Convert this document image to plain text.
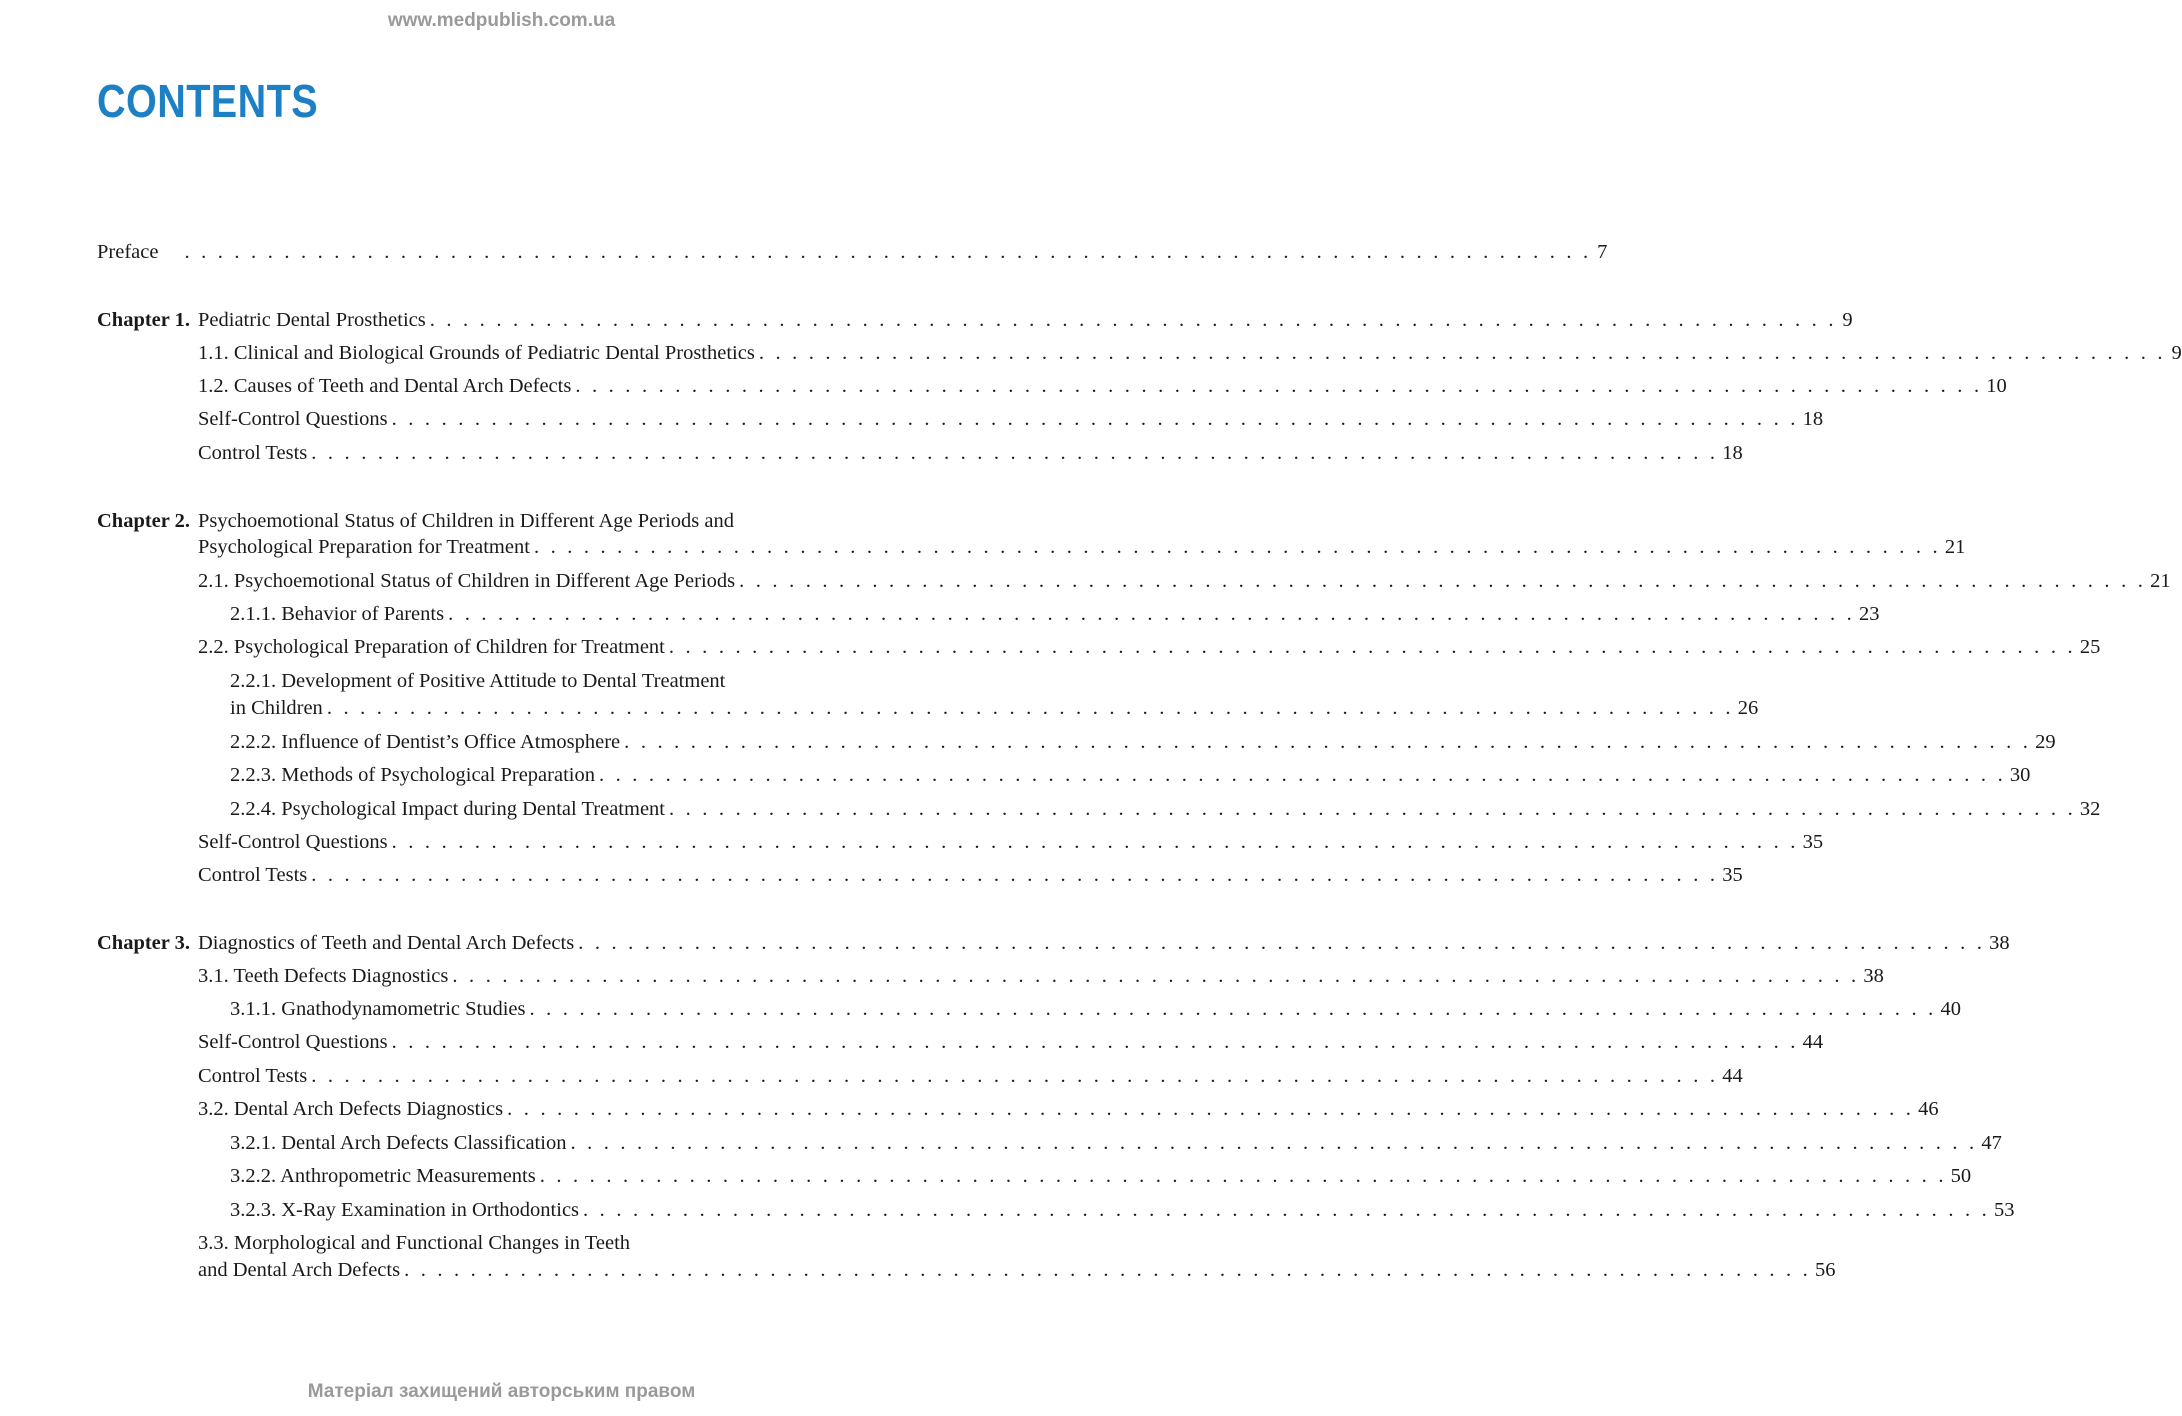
www.medpublish.com.ua
CONTENTS
Preface . . . . . . . . . . . . . . . . . . . . . . . . . . . . . . . . . . . . . . . . . . . . . . . . . . . . . . . . . . . . . . . . . . . . . . . . . . . . . . . . . . . . . 7
Chapter 1. Pediatric Dental Prosthetics . . . . . . . . . . . . . . . . . . . . . . . . . . . . . . . . . . . . . . . . . . . . . . . . . . . . . . . . . . . . . . . . . . . . . . . . . . . . . . . . . . . . . 9
1.1. Clinical and Biological Grounds of Pediatric Dental Prosthetics . . . . . . . . . . . . . . . . . . . . . . . . . . . . . . . . . . . . . . . . . . . . . . . . . . . . . . . . . . . . . . . . . . . . . . . . . . . . . . . . . . . . . 9
1.2. Causes of Teeth and Dental Arch Defects . . . . . . . . . . . . . . . . . . . . . . . . . . . . . . . . . . . . . . . . . . . . . . . . . . . . . . . . . . . . . . . . . . . . . . . . . . . . . . . . . . . . . 10
Self-Control Questions . . . . . . . . . . . . . . . . . . . . . . . . . . . . . . . . . . . . . . . . . . . . . . . . . . . . . . . . . . . . . . . . . . . . . . . . . . . . . . . . . . . . . 18
Control Tests . . . . . . . . . . . . . . . . . . . . . . . . . . . . . . . . . . . . . . . . . . . . . . . . . . . . . . . . . . . . . . . . . . . . . . . . . . . . . . . . . . . . . 18
Chapter 2. Psychoemotional Status of Children in Different Age Periods and
Psychological Preparation for Treatment . . . . . . . . . . . . . . . . . . . . . . . . . . . . . . . . . . . . . . . . . . . . . . . . . . . . . . . . . . . . . . . . . . . . . . . . . . . . . . . . . . . . . 21
2.1. Psychoemotional Status of Children in Different Age Periods . . . . . . . . . . . . . . . . . . . . . . . . . . . . . . . . . . . . . . . . . . . . . . . . . . . . . . . . . . . . . . . . . . . . . . . . . . . . . . . . . . . . . 21
2.1.1. Behavior of Parents . . . . . . . . . . . . . . . . . . . . . . . . . . . . . . . . . . . . . . . . . . . . . . . . . . . . . . . . . . . . . . . . . . . . . . . . . . . . . . . . . . . . . 23
2.2. Psychological Preparation of Children for Treatment . . . . . . . . . . . . . . . . . . . . . . . . . . . . . . . . . . . . . . . . . . . . . . . . . . . . . . . . . . . . . . . . . . . . . . . . . . . . . . . . . . . . . 25
2.2.1. Development of Positive Attitude to Dental Treatment
in Children . . . . . . . . . . . . . . . . . . . . . . . . . . . . . . . . . . . . . . . . . . . . . . . . . . . . . . . . . . . . . . . . . . . . . . . . . . . . . . . . . . . . . 26
2.2.2. Influence of Dentist’s Office Atmosphere . . . . . . . . . . . . . . . . . . . . . . . . . . . . . . . . . . . . . . . . . . . . . . . . . . . . . . . . . . . . . . . . . . . . . . . . . . . . . . . . . . . . . 29
2.2.3. Methods of Psychological Preparation . . . . . . . . . . . . . . . . . . . . . . . . . . . . . . . . . . . . . . . . . . . . . . . . . . . . . . . . . . . . . . . . . . . . . . . . . . . . . . . . . . . . . 30
2.2.4. Psychological Impact during Dental Treatment . . . . . . . . . . . . . . . . . . . . . . . . . . . . . . . . . . . . . . . . . . . . . . . . . . . . . . . . . . . . . . . . . . . . . . . . . . . . . . . . . . . . . 32
Self-Control Questions . . . . . . . . . . . . . . . . . . . . . . . . . . . . . . . . . . . . . . . . . . . . . . . . . . . . . . . . . . . . . . . . . . . . . . . . . . . . . . . . . . . . . 35
Control Tests . . . . . . . . . . . . . . . . . . . . . . . . . . . . . . . . . . . . . . . . . . . . . . . . . . . . . . . . . . . . . . . . . . . . . . . . . . . . . . . . . . . . . 35
Chapter 3. Diagnostics of Teeth and Dental Arch Defects . . . . . . . . . . . . . . . . . . . . . . . . . . . . . . . . . . . . . . . . . . . . . . . . . . . . . . . . . . . . . . . . . . . . . . . . . . . . . . . . . . . . . 38
3.1. Teeth Defects Diagnostics . . . . . . . . . . . . . . . . . . . . . . . . . . . . . . . . . . . . . . . . . . . . . . . . . . . . . . . . . . . . . . . . . . . . . . . . . . . . . . . . . . . . . 38
3.1.1. Gnathodynamometric Studies . . . . . . . . . . . . . . . . . . . . . . . . . . . . . . . . . . . . . . . . . . . . . . . . . . . . . . . . . . . . . . . . . . . . . . . . . . . . . . . . . . . . . 40
Self-Control Questions . . . . . . . . . . . . . . . . . . . . . . . . . . . . . . . . . . . . . . . . . . . . . . . . . . . . . . . . . . . . . . . . . . . . . . . . . . . . . . . . . . . . . 44
Control Tests . . . . . . . . . . . . . . . . . . . . . . . . . . . . . . . . . . . . . . . . . . . . . . . . . . . . . . . . . . . . . . . . . . . . . . . . . . . . . . . . . . . . . 44
3.2. Dental Arch Defects Diagnostics . . . . . . . . . . . . . . . . . . . . . . . . . . . . . . . . . . . . . . . . . . . . . . . . . . . . . . . . . . . . . . . . . . . . . . . . . . . . . . . . . . . . . 46
3.2.1. Dental Arch Defects Classification . . . . . . . . . . . . . . . . . . . . . . . . . . . . . . . . . . . . . . . . . . . . . . . . . . . . . . . . . . . . . . . . . . . . . . . . . . . . . . . . . . . . . 47
3.2.2. Anthropometric Measurements . . . . . . . . . . . . . . . . . . . . . . . . . . . . . . . . . . . . . . . . . . . . . . . . . . . . . . . . . . . . . . . . . . . . . . . . . . . . . . . . . . . . . 50
3.2.3. X-Ray Examination in Orthodontics . . . . . . . . . . . . . . . . . . . . . . . . . . . . . . . . . . . . . . . . . . . . . . . . . . . . . . . . . . . . . . . . . . . . . . . . . . . . . . . . . . . . . 53
3.3. Morphological and Functional Changes in Teeth
and Dental Arch Defects . . . . . . . . . . . . . . . . . . . . . . . . . . . . . . . . . . . . . . . . . . . . . . . . . . . . . . . . . . . . . . . . . . . . . . . . . . . . . . . . . . . . . 56
Матеріал захищений авторським правом
